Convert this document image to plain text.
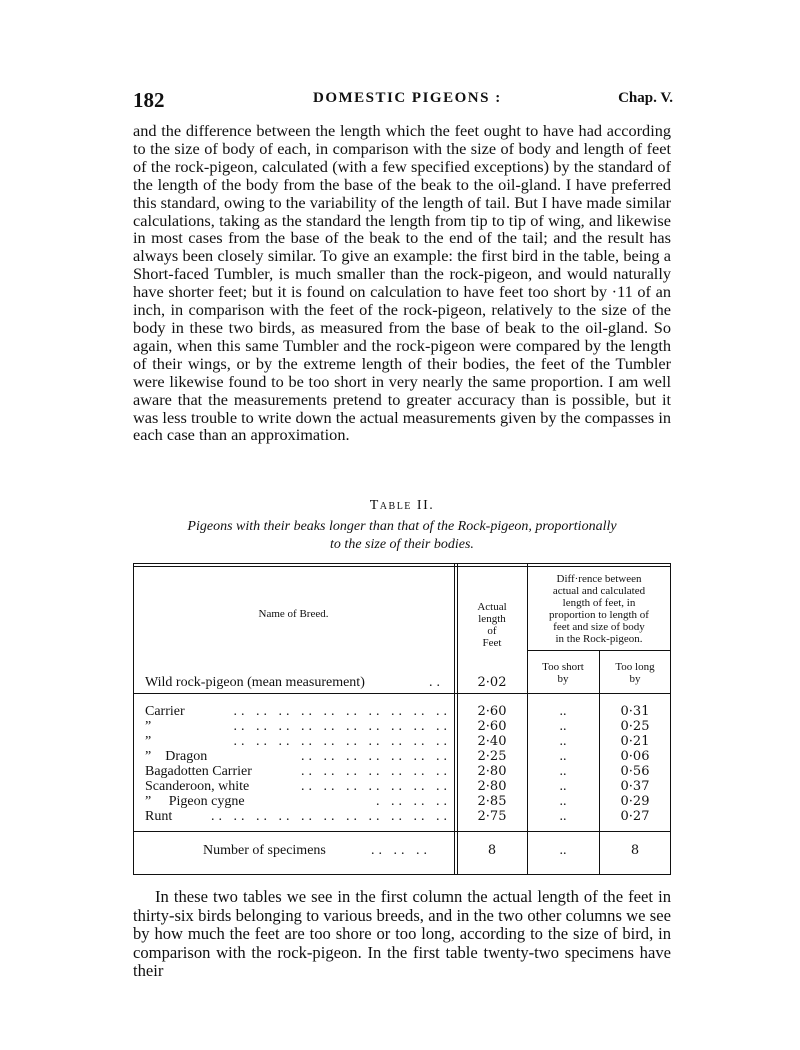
182	DOMESTIC PIGEONS :	Chap. V.

and the difference between the length which the feet ought to have had according to the size of body of each, in comparison with the size of body and length of feet of the rock-pigeon, calculated (with a few specified exceptions) by the standard of the length of the body from the base of the beak to the oil-gland. I have preferred this standard, owing to the variability of the length of tail. But I have made similar calculations, taking as the standard the length from tip to tip of wing, and likewise in most cases from the base of the beak to the end of the tail; and the result has always been closely similar. To give an example: the first bird in the table, being a Short-faced Tumbler, is much smaller than the rock-pigeon, and would naturally have shorter feet; but it is found on calculation to have feet too short by ·11 of an inch, in comparison with the feet of the rock-pigeon, relatively to the size of the body in these two birds, as measured from the base of beak to the oil-gland. So again, when this same Tumbler and the rock-pigeon were compared by the length of their wings, or by the extreme length of their bodies, the feet of the Tumbler were likewise found to be too short in very nearly the same proportion. I am well aware that the measurements pretend to greater accuracy than is possible, but it was less trouble to write down the actual measurements given by the compasses in each case than an approximation.

Table II.
Pigeons with their beaks longer than that of the Rock-pigeon, proportionally
to the size of their bodies.
Name of Breed.
Actual
length
of
Feet
Diff·rence between
actual and calculated
length of feet, in
proportion to length of
feet and size of body
in the Rock-pigeon.
Too short
by
Too long
by
Wild rock-pigeon (mean measurement)	..	2·02
Carrier	.. .. .. .. .. .. .. .. .. ..	2·60	..	0·31
”	.. .. .. .. .. .. .. .. .. ..	2·60	..	0·25
”	.. .. .. .. .. .. .. .. .. ..	2·40	..	0·21
”    Dragon	.. .. .. .. .. .. ..	2·25	..	0·06
Bagadotten Carrier	.. .. .. .. .. .. ..	2·80	..	0·56
Scanderoon, white	.. .. .. .. .. .. ..	2·80	..	0·37
”     Pigeon cygne	. .. .. ..	2·85	..	0·29
Runt	.. .. .. .. .. .. .. .. .. .. ..	2·75	..	0·27
Number of specimens	.. .. ..	8	..	8

In these two tables we see in the first column the actual length of the feet in thirty-six birds belonging to various breeds, and in the two other columns we see by how much the feet are too shore or too long, according to the size of bird, in comparison with the rock-pigeon. In the first table twenty-two specimens have their
